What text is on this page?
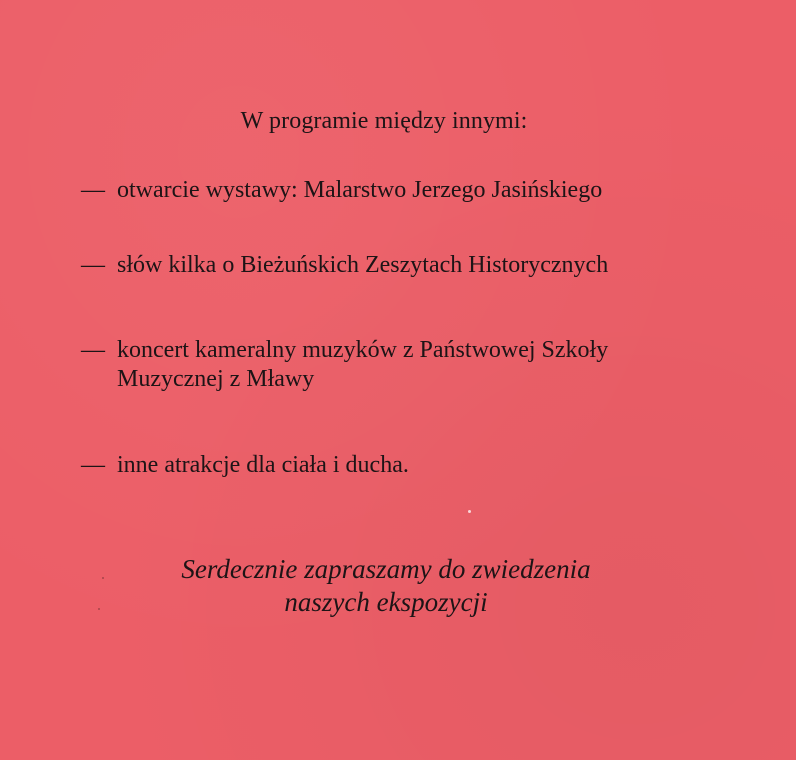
W programie między innymi:
— otwarcie wystawy: Malarstwo Jerzego Jasińskiego
— słów kilka o Bieżuńskich Zeszytach Historycznych
— koncert kameralny muzyków z Państwowej Szkoły
Muzycznej z Mławy
— inne atrakcje dla ciała i ducha.
Serdecznie zapraszamy do zwiedzenia
naszych ekspozycji
